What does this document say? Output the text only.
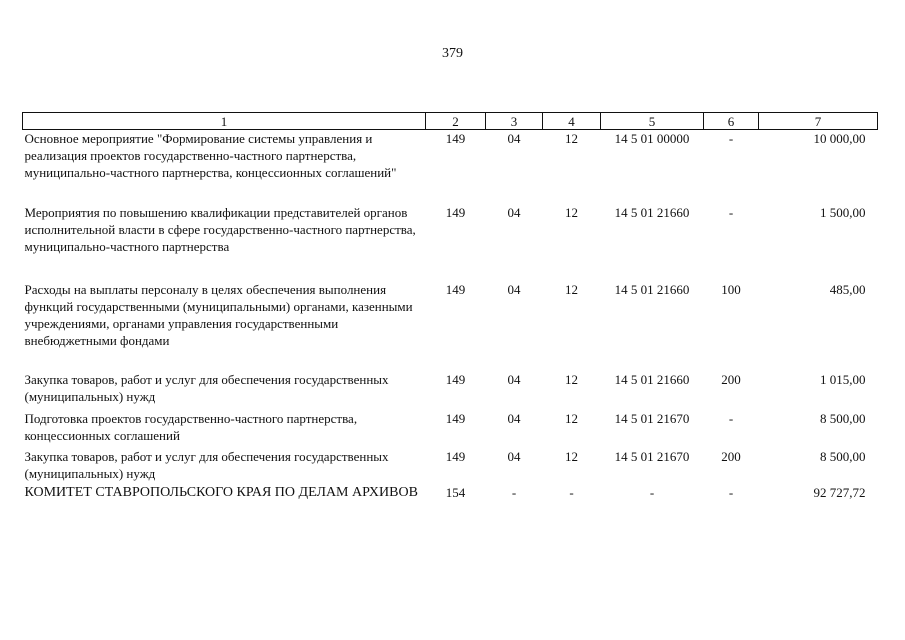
379
1	2	3	4	5	6	7
Основное мероприятие "Формирование системы управления и реализация проектов государственно-частного партнерства, муниципально-частного партнерства, концессионных соглашений"	149	04	12	14 5 01 00000	-	10 000,00
Мероприятия по повышению квалификации представителей органов исполнительной власти в сфере государственно-частного партнерства, муниципально-частного партнерства	149	04	12	14 5 01 21660	-	1 500,00
Расходы на выплаты персоналу в целях обеспечения выполнения функций государственными (муниципальными) органами, казенными учреждениями, органами управления государственными внебюджетными фондами	149	04	12	14 5 01 21660	100	485,00
Закупка товаров, работ и услуг для обеспечения государственных (муниципальных) нужд	149	04	12	14 5 01 21660	200	1 015,00
Подготовка проектов государственно-частного партнерства, концессионных соглашений	149	04	12	14 5 01 21670	-	8 500,00
Закупка товаров, работ и услуг для обеспечения государственных (муниципальных) нужд	149	04	12	14 5 01 21670	200	8 500,00
КОМИТЕТ СТАВРОПОЛЬСКОГО КРАЯ ПО ДЕЛАМ АРХИВОВ	154	-	-	-	-	92 727,72
